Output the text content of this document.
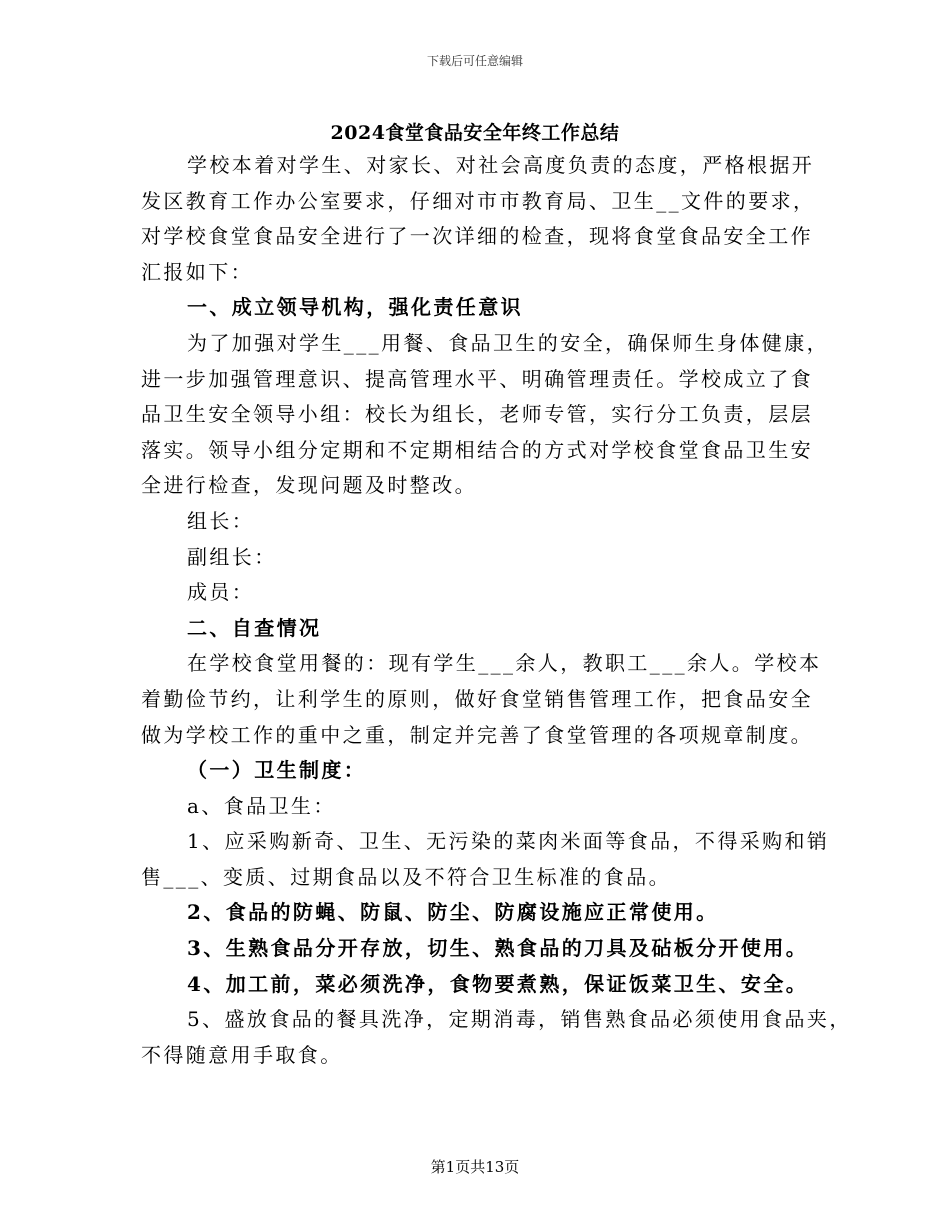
下载后可任意编辑
2024食堂食品安全年终工作总结
学校本着对学生、对家长、对社会高度负责的态度，严格根据开
发区教育工作办公室要求，仔细对市市教育局、卫生__文件的要求，
对学校食堂食品安全进行了一次详细的检查，现将食堂食品安全工作
汇报如下：
一、成立领导机构，强化责任意识
为了加强对学生___用餐、食品卫生的安全，确保师生身体健康，
进一步加强管理意识、提高管理水平、明确管理责任。学校成立了食
品卫生安全领导小组：校长为组长，老师专管，实行分工负责，层层
落实。领导小组分定期和不定期相结合的方式对学校食堂食品卫生安
全进行检查，发现问题及时整改。
组长：
副组长：
成员：
二、自查情况
在学校食堂用餐的：现有学生___余人，教职工___余人。学校本
着勤俭节约，让利学生的原则，做好食堂销售管理工作，把食品安全
做为学校工作的重中之重，制定并完善了食堂管理的各项规章制度。
（一）卫生制度：
a、食品卫生：
1、应采购新奇、卫生、无污染的菜肉米面等食品，不得采购和销
售___、变质、过期食品以及不符合卫生标准的食品。
2、食品的防蝇、防鼠、防尘、防腐设施应正常使用。
3、生熟食品分开存放，切生、熟食品的刀具及砧板分开使用。
4、加工前，菜必须洗净，食物要煮熟，保证饭菜卫生、安全。
5、盛放食品的餐具洗净，定期消毒，销售熟食品必须使用食品夹，
不得随意用手取食。
第1页共13页
